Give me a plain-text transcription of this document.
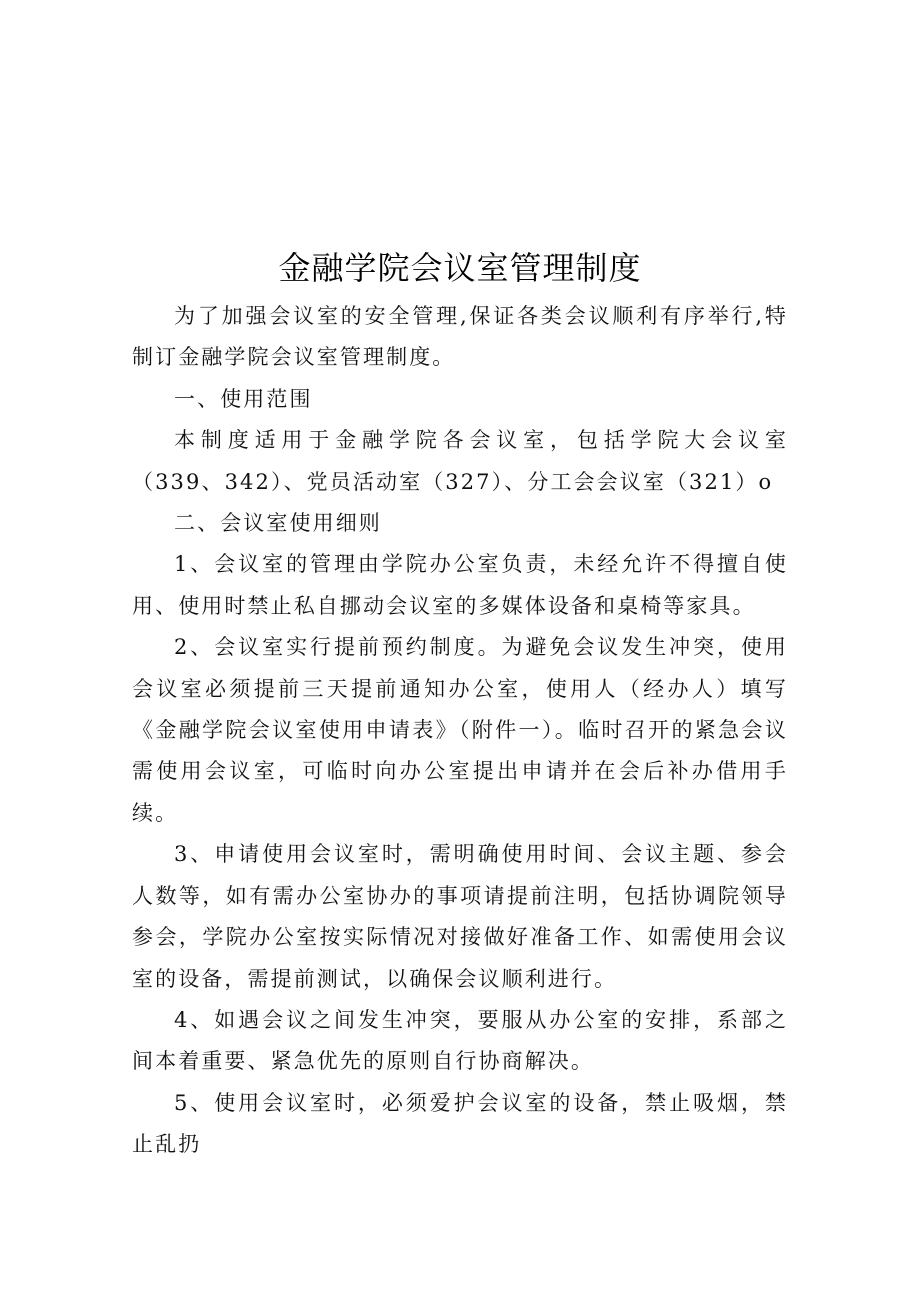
金融学院会议室管理制度

为了加强会议室的安全管理,保证各类会议顺利有序举行,特制订金融学院会议室管理制度。

一、使用范围

本制度适用于金融学院各会议室，包括学院大会议室（339、342）、党员活动室（327）、分工会会议室（321）o

二、会议室使用细则

1、会议室的管理由学院办公室负责，未经允许不得擅自使用、使用时禁止私自挪动会议室的多媒体设备和桌椅等家具。

2、会议室实行提前预约制度。为避免会议发生冲突，使用会议室必须提前三天提前通知办公室，使用人（经办人）填写《金融学院会议室使用申请表》（附件一）。临时召开的紧急会议需使用会议室，可临时向办公室提出申请并在会后补办借用手续。

3、申请使用会议室时，需明确使用时间、会议主题、参会人数等，如有需办公室协办的事项请提前注明，包括协调院领导参会，学院办公室按实际情况对接做好准备工作、如需使用会议室的设备，需提前测试，以确保会议顺利进行。

4、如遇会议之间发生冲突，要服从办公室的安排，系部之间本着重要、紧急优先的原则自行协商解决。

5、使用会议室时，必须爱护会议室的设备，禁止吸烟，禁止乱扔
